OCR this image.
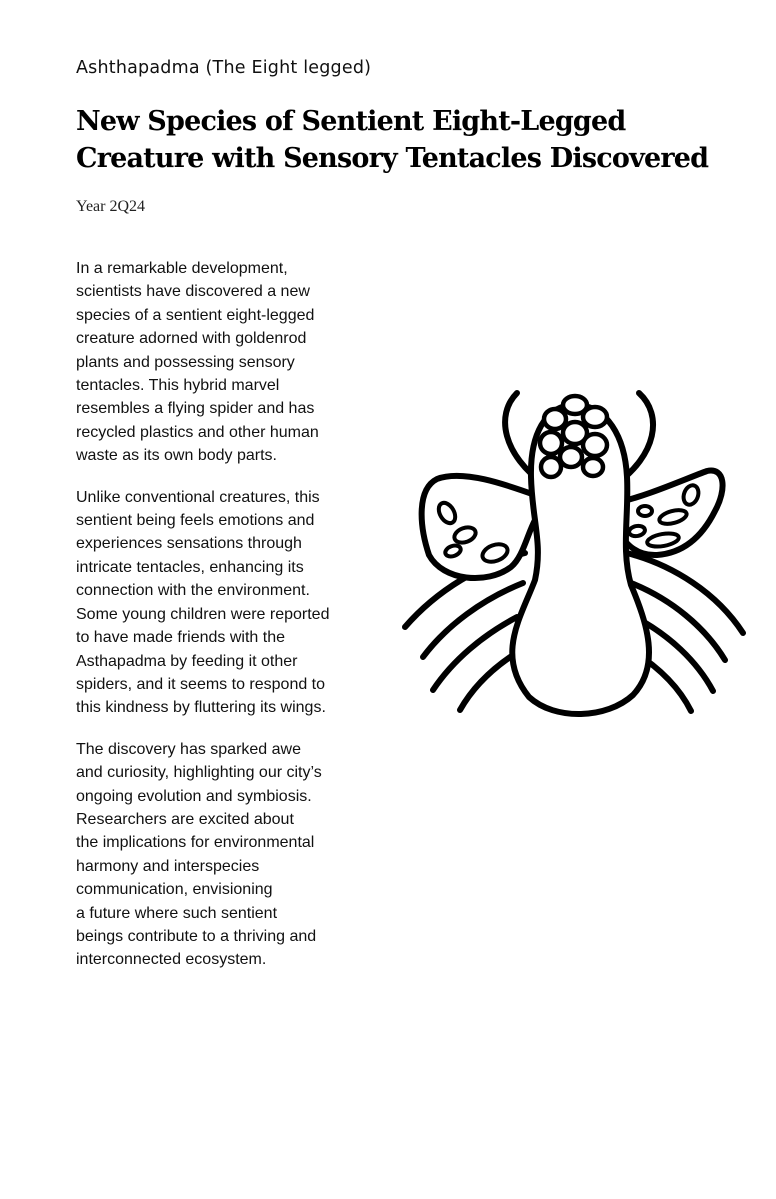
Ashthapadma (The Eight legged)

New Species of Sentient Eight-Legged Creature with Sensory Tentacles Discovered

Year 2Q24

In a remarkable development,
scientists have discovered a new
species of a sentient eight-legged
creature adorned with goldenrod
plants and possessing sensory
tentacles. This hybrid marvel
resembles a flying spider and has
recycled plastics and other human
waste as its own body parts.

Unlike conventional creatures, this
sentient being feels emotions and
experiences sensations through
intricate tentacles, enhancing its
connection with the environment.
Some young children were reported
to have made friends with the
Asthapadma by feeding it other
spiders, and it seems to respond to
this kindness by fluttering its wings.

The discovery has sparked awe
and curiosity, highlighting our city’s
ongoing evolution and symbiosis.
Researchers are excited about
the implications for environmental
harmony and interspecies
communication, envisioning
a future where such sentient
beings contribute to a thriving and
interconnected ecosystem.
